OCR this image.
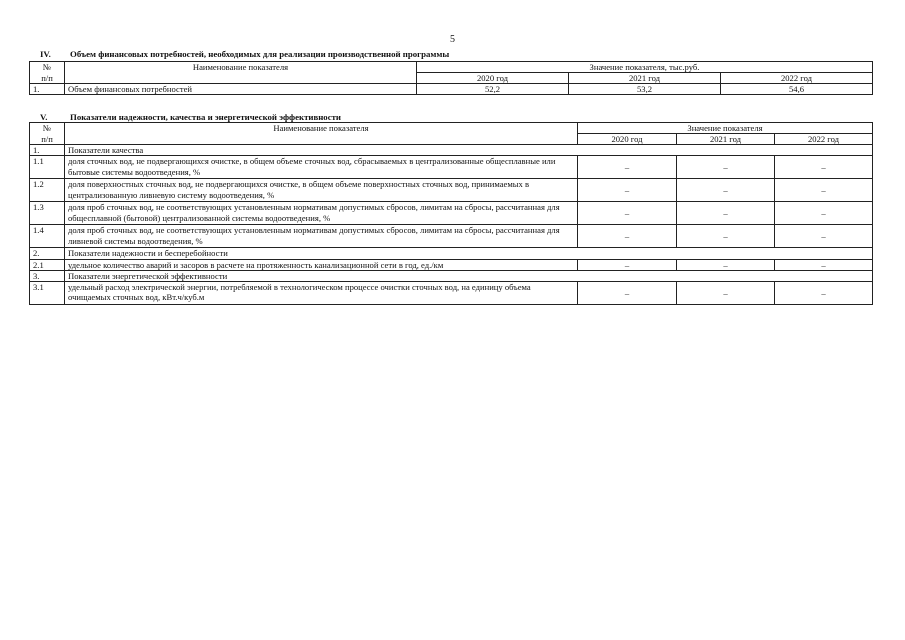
5
IV. Объем финансовых потребностей, необходимых для реализации производственной программы
№	Наименование показателя	Значение показателя, тыс.руб.		
п/п		2020 год	2021 год	2022 год
1.	Объем финансовых потребностей	52,2	53,2	54,6
V.	Показатели надежности, качества и энергетической эффективности
№	Наименование показателя	Значение показателя		
п/п		2020 год	2021 год	2022 год
1.	Показатели качества			
1.1	доля сточных вод, не подвергающихся очистке, в общем объеме сточных вод, сбрасываемых в централизованные общесплавные или бытовые системы водоотведения, %	–	–	–
1.2	доля поверхностных сточных вод, не подвергающихся очистке, в общем объеме поверхностных сточных вод, принимаемых в централизованную ливневую систему водоотведения, %	–	–	–
1.3	доля проб сточных вод, не соответствующих установленным нормативам допустимых сбросов, лимитам на сбросы, рассчитанная для общесплавной (бытовой) централизованной системы водоотведения, %	–	–	–
1.4	доля проб сточных вод, не соответствующих установленным нормативам допустимых сбросов, лимитам на сбросы, рассчитанная для ливневой системы водоотведения, %	–	–	–
2.	Показатели надежности и бесперебойности			
2.1	удельное количество аварий и засоров в расчете на протяженность канализационной сети в год, ед./км	–	–	–
3.	Показатели энергетической эффективности			
3.1	удельный расход электрической энергии, потребляемой в технологическом процессе очистки сточных вод, на единицу объема очищаемых сточных вод, кВт.ч/куб.м	–	–	–
